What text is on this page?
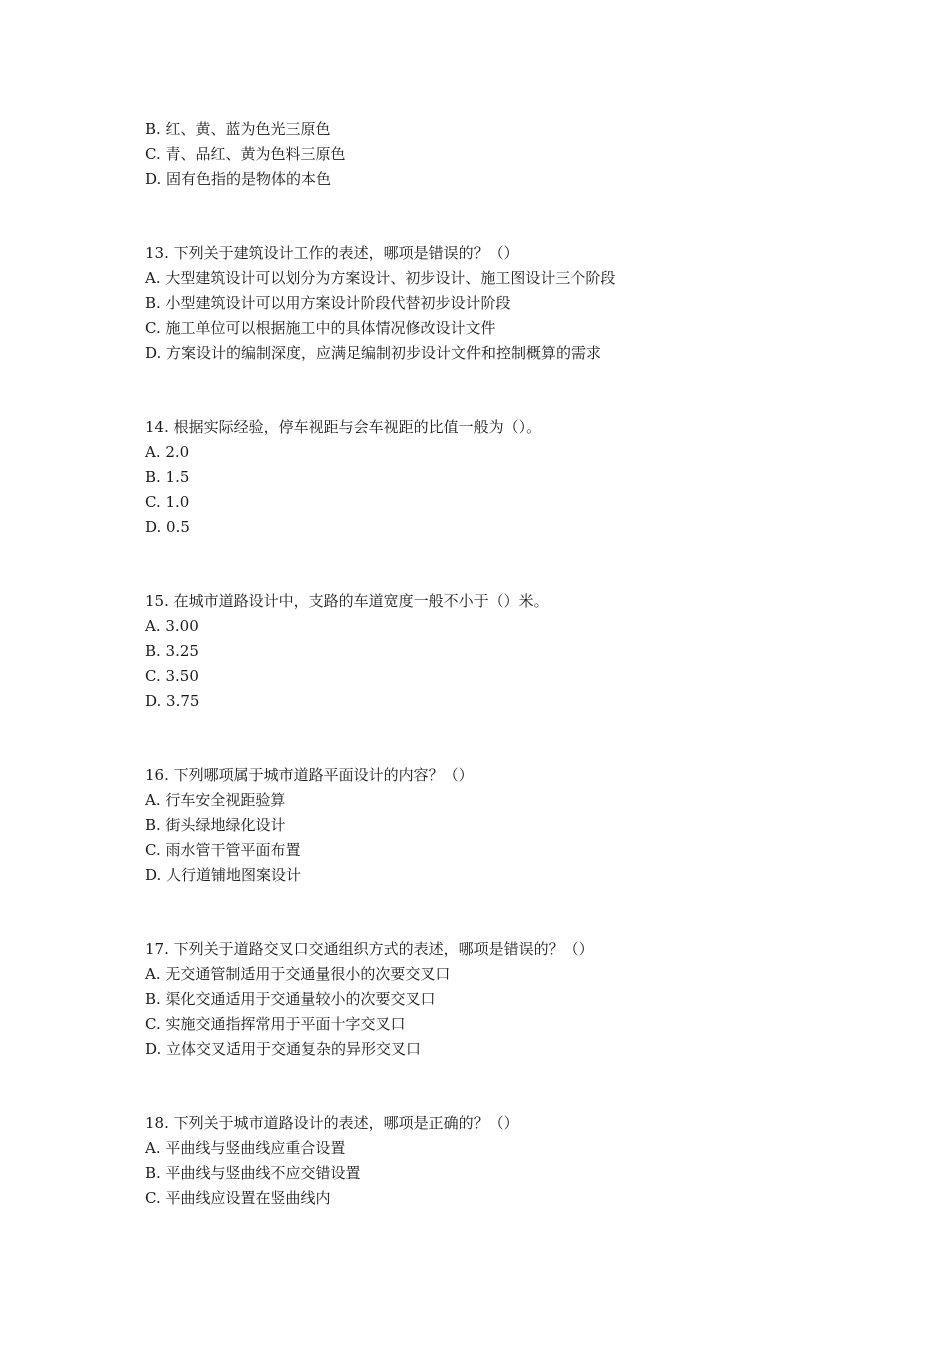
B. 红、黄、蓝为色光三原色
C. 青、品红、黄为色料三原色
D. 固有色指的是物体的本色
13. 下列关于建筑设计工作的表述，哪项是错误的？（）
A. 大型建筑设计可以划分为方案设计、初步设计、施工图设计三个阶段
B. 小型建筑设计可以用方案设计阶段代替初步设计阶段
C. 施工单位可以根据施工中的具体情况修改设计文件
D. 方案设计的编制深度，应满足编制初步设计文件和控制概算的需求
14. 根据实际经验，停车视距与会车视距的比值一般为（）。
A. 2.0
B. 1.5
C. 1.0
D. 0.5
15. 在城市道路设计中，支路的车道宽度一般不小于（）米。
A. 3.00
B. 3.25
C. 3.50
D. 3.75
16. 下列哪项属于城市道路平面设计的内容？（）
A. 行车安全视距验算
B. 街头绿地绿化设计
C. 雨水管干管平面布置
D. 人行道铺地图案设计
17. 下列关于道路交叉口交通组织方式的表述，哪项是错误的？（）
A. 无交通管制适用于交通量很小的次要交叉口
B. 渠化交通适用于交通量较小的次要交叉口
C. 实施交通指挥常用于平面十字交叉口
D. 立体交叉适用于交通复杂的异形交叉口
18. 下列关于城市道路设计的表述，哪项是正确的？（）
A. 平曲线与竖曲线应重合设置
B. 平曲线与竖曲线不应交错设置
C. 平曲线应设置在竖曲线内
